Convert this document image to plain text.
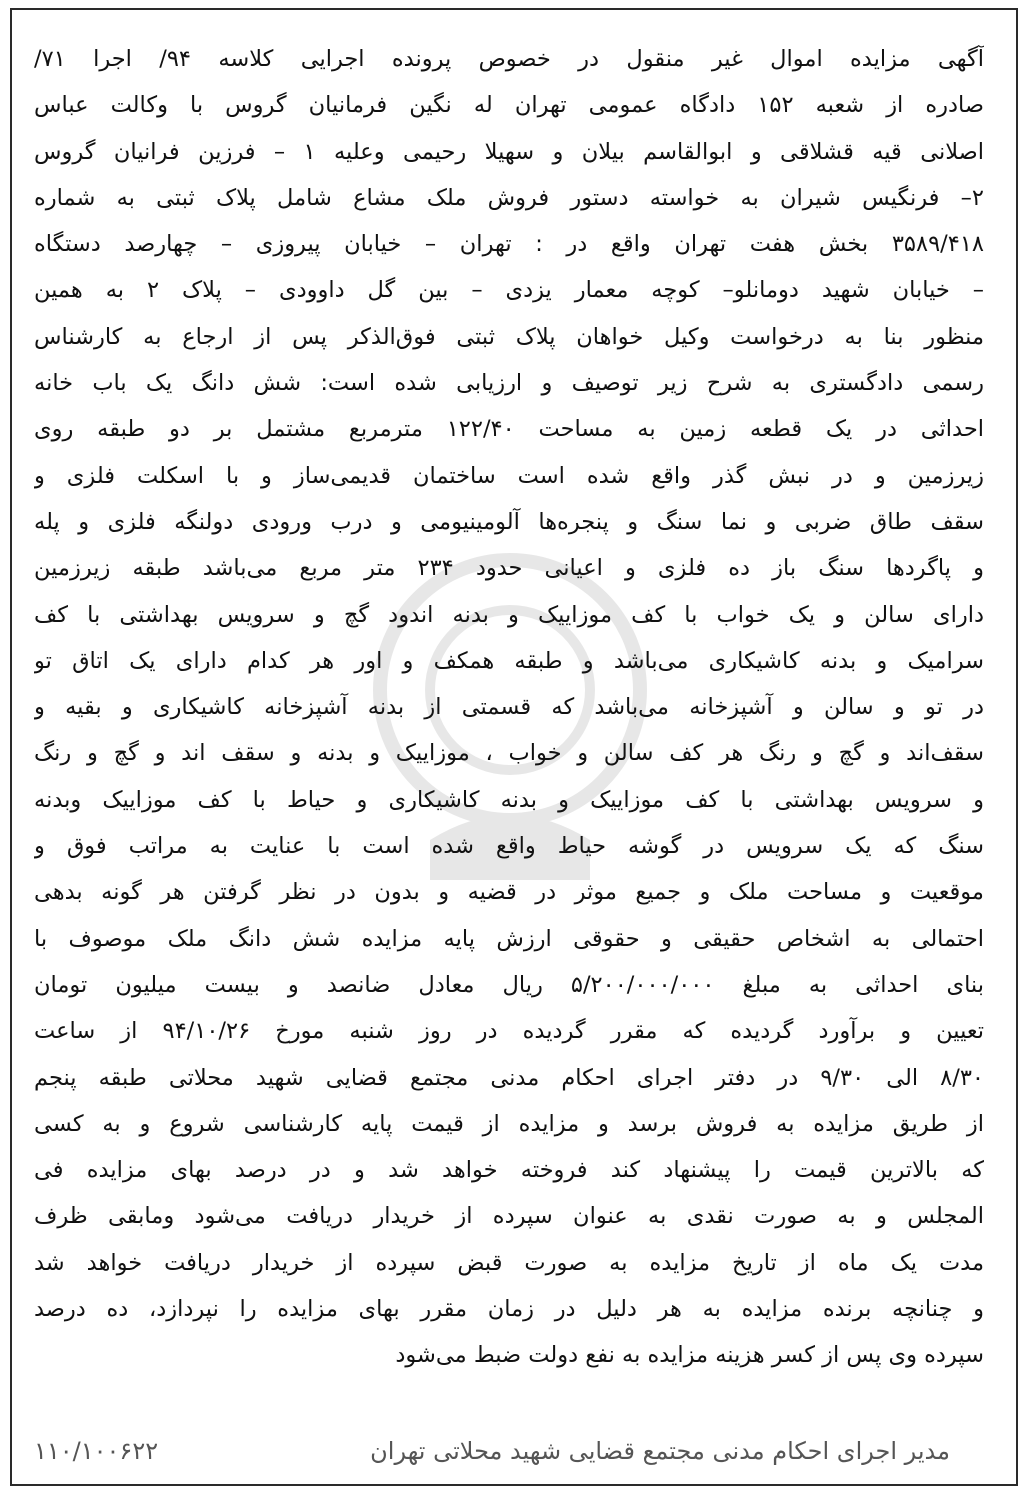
آگهی مزایده اموال غیر منقول در خصوص پرونده اجرایی کلاسه ۹۴/ اجرا ۷۱/
صادره از شعبه ۱۵۲ دادگاه عمومی تهران له نگین فرمانیان گروس با وکالت عباس
اصلانی قیه قشلاقی و ابوالقاسم بیلان و سهیلا رحیمی وعلیه ۱ – فرزین فرانیان گروس
۲– فرنگیس شیران به خواسته دستور فروش ملک مشاع شامل پلاک ثبتی به شماره
۳۵۸۹/۴۱۸ بخش هفت تهران واقع در : تهران – خیابان پیروزی – چهارصد دستگاه
– خیابان شهید دومانلو– کوچه معمار یزدی – بین گل داوودی – پلاک ۲ به همین
منظور بنا به درخواست وکیل خواهان پلاک ثبتی فوق‌الذکر پس از ارجاع به کارشناس
رسمی دادگستری به شرح زیر توصیف و ارزیابی شده است: شش دانگ یک باب خانه
احداثی در یک قطعه زمین به مساحت ۱۲۲/۴۰ مترمربع مشتمل بر دو طبقه روی
زیرزمین و در نبش گذر واقع شده است ساختمان قدیمی‌ساز و با اسکلت فلزی و
سقف طاق ضربی و نما سنگ و پنجره‌ها آلومینیومی و درب ورودی دولنگه فلزی و پله
و پاگردها سنگ باز ده فلزی و اعیانی حدود ۲۳۴ متر مربع می‌باشد طبقه زیرزمین
دارای سالن و یک خواب با کف موزاییک و بدنه اندود گچ و سرویس بهداشتی با کف
سرامیک و بدنه کاشیکاری می‌باشد و طبقه همکف و اور هر کدام دارای یک اتاق تو
در تو و سالن و آشپزخانه می‌باشد که قسمتی از بدنه آشپزخانه کاشیکاری و بقیه و
سقف‌اند و گچ و رنگ هر کف سالن و خواب ، موزاییک و بدنه و سقف اند و گچ و رنگ
و سرویس بهداشتی با کف موزاییک و بدنه کاشیکاری و حیاط با کف موزاییک وبدنه
سنگ که یک سرویس در گوشه حیاط واقع شده است با عنایت به مراتب فوق و
موقعیت و مساحت ملک و جمیع موثر در قضیه و بدون در نظر گرفتن هر گونه بدهی
احتمالی به اشخاص حقیقی و حقوقی ارزش پایه مزایده شش دانگ ملک موصوف با
بنای احداثی به مبلغ ۵/۲۰۰/۰۰۰/۰۰۰ ریال معادل ضانصد و بیست میلیون تومان
تعیین و برآورد گردیده که مقرر گردیده در روز شنبه مورخ ۹۴/۱۰/۲۶ از ساعت
۸/۳۰ الی ۹/۳۰ در دفتر اجرای احکام مدنی مجتمع قضایی شهید محلاتی طبقه پنجم
از طریق مزایده به فروش برسد و مزایده از قیمت پایه کارشناسی شروع و به کسی
که بالاترین قیمت را پیشنهاد کند فروخته خواهد شد و در درصد بهای مزایده فی
المجلس و به صورت نقدی به عنوان سپرده از خریدار دریافت می‌شود ومابقی ظرف
مدت یک ماه از تاریخ مزایده به صورت قبض سپرده از خریدار دریافت خواهد شد
و چنانچه برنده مزایده به هر دلیل در زمان مقرر بهای مزایده را نپردازد، ده درصد
سپرده وی پس از کسر هزینه مزایده به نفع دولت ضبط می‌شود
مدیر اجرای احکام مدنی مجتمع قضایی شهید محلاتی تهران
۱۱۰/۱۰۰۶۲۲
